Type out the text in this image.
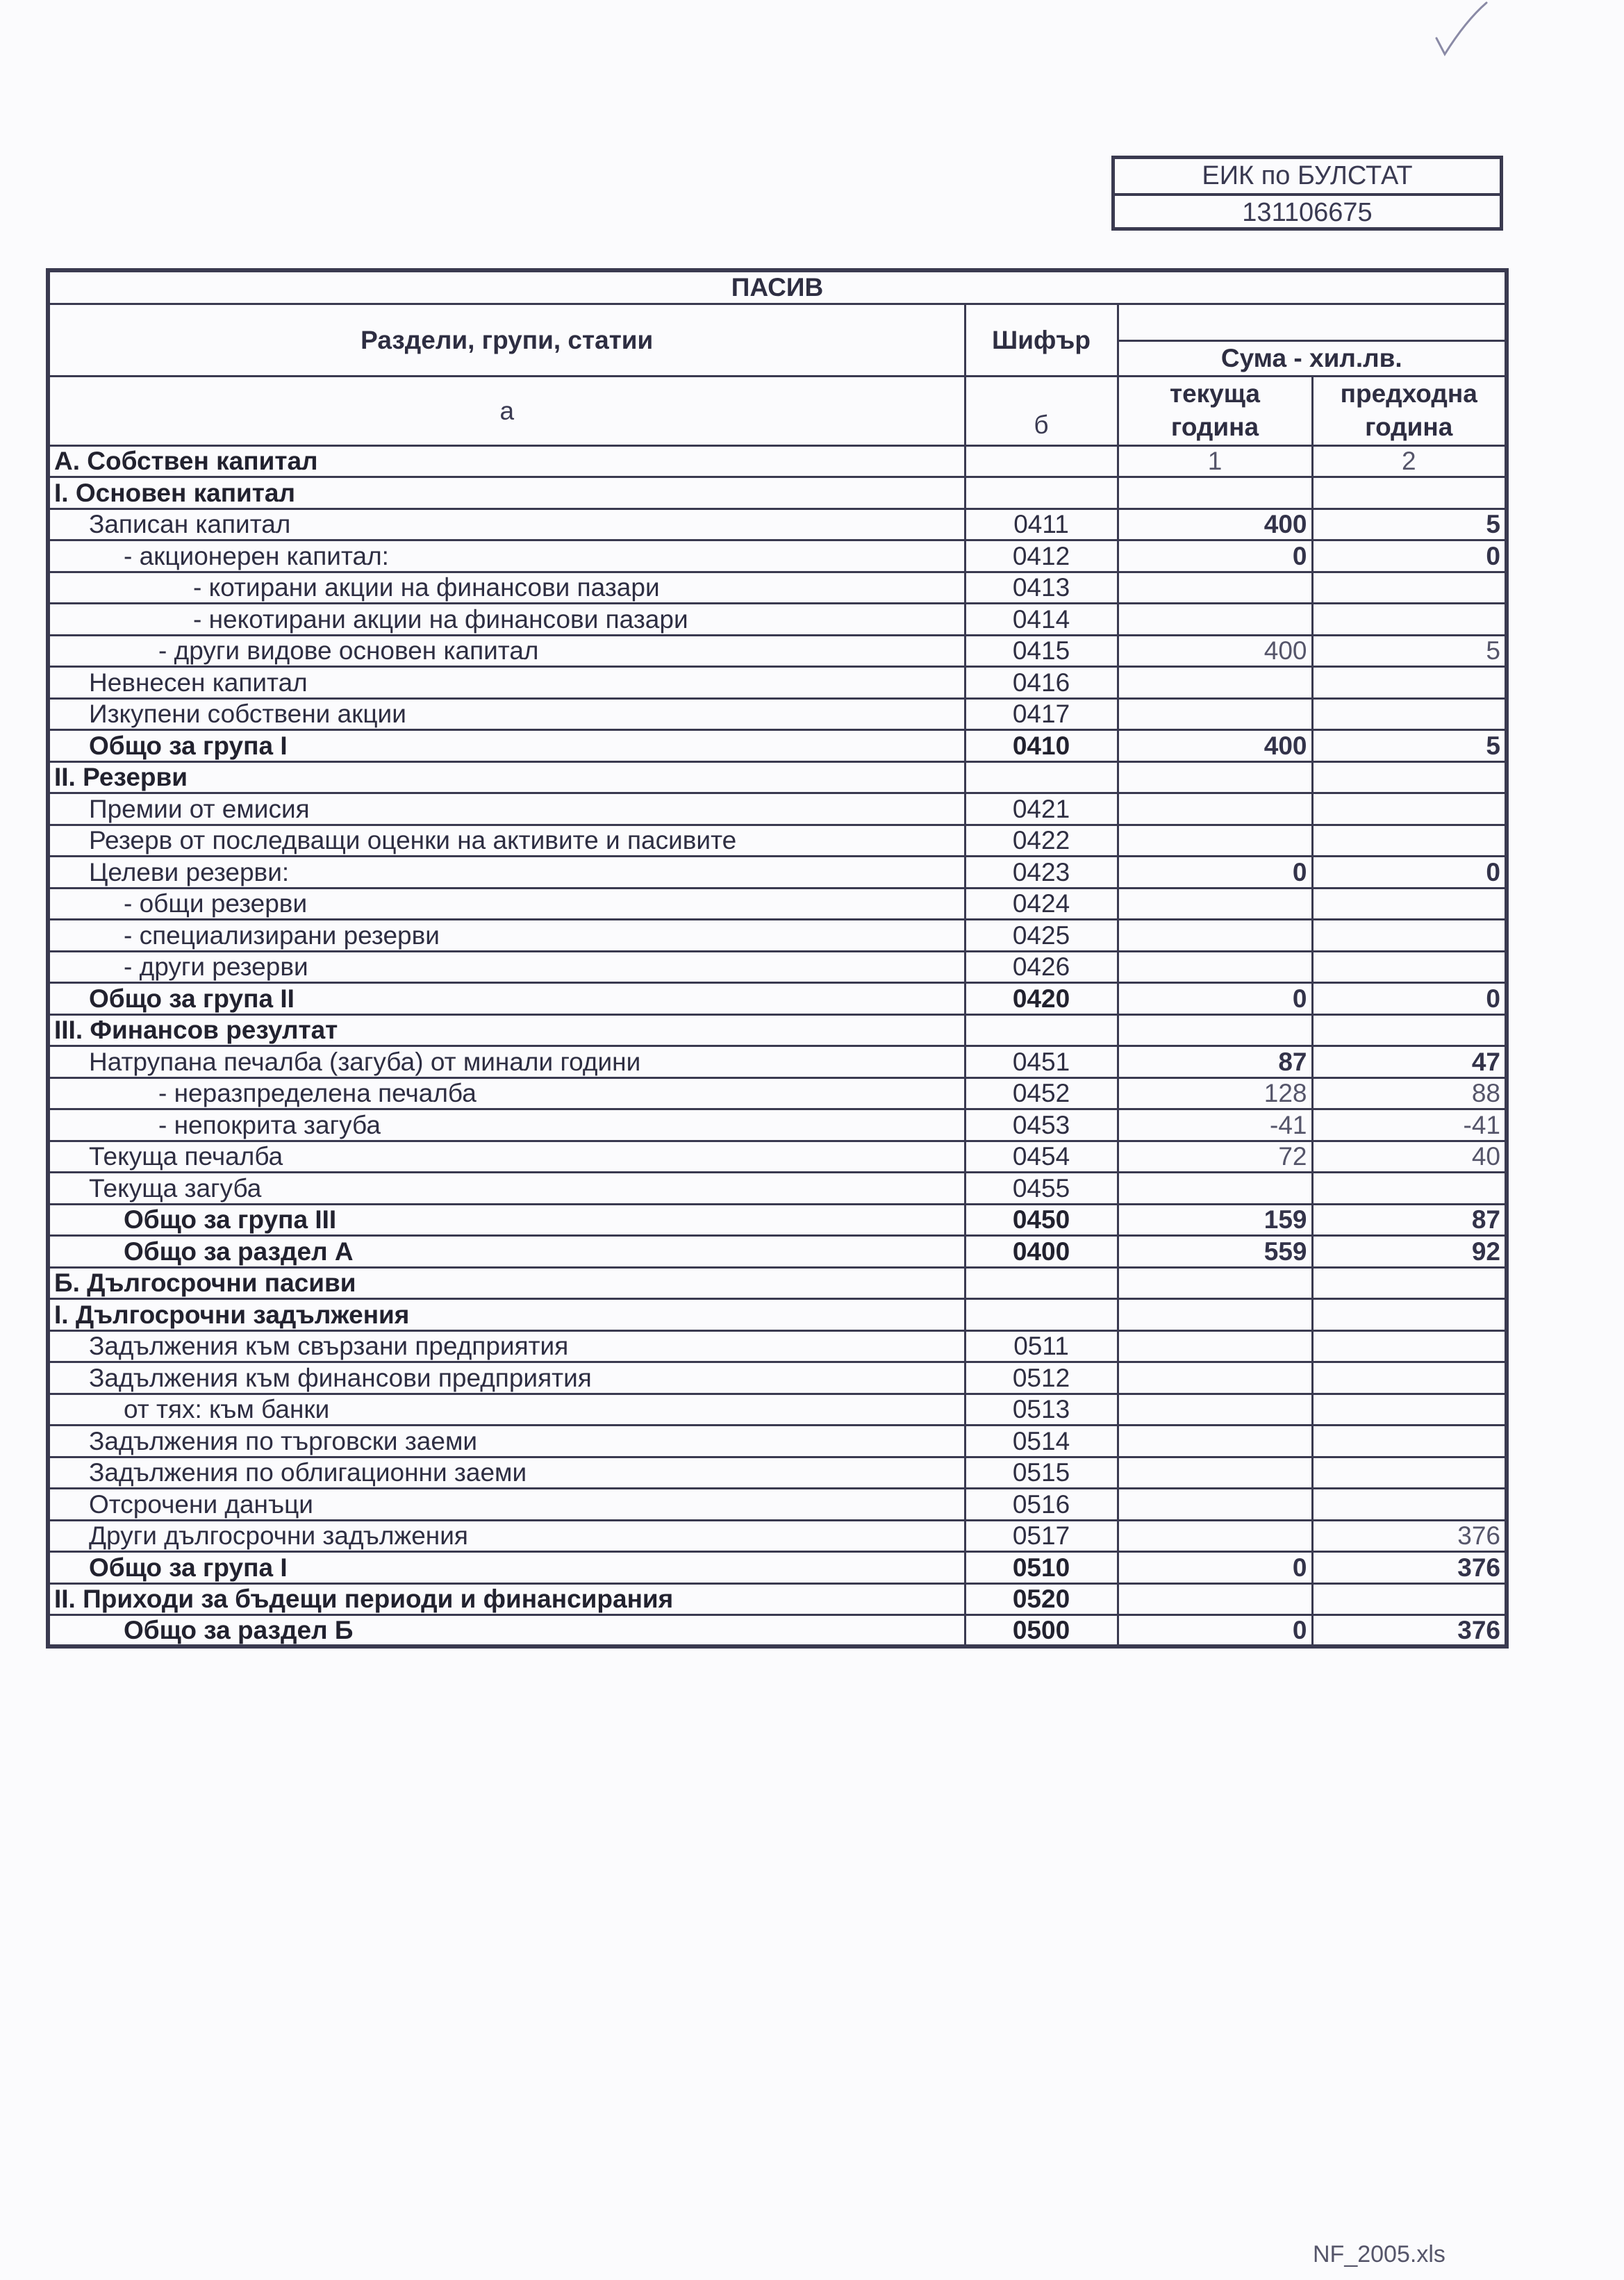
ЕИК по БУЛСТАТ
131106675
ПАСИВ			
Раздели, групи, статии	Шифър		
		Сума - хил.лв.	
а	б	текуща година	предходна година
А. Собствен капитал		1	2
I. Основен капитал			
Записан капитал	0411	400	5
- акционерен капитал:	0412	0	0
- котирани акции на финансови пазари	0413		
- некотирани акции на финансови пазари	0414		
- други видове основен капитал	0415	400	5
Невнесен капитал	0416		
Изкупени собствени акции	0417		
Общо за група I	0410	400	5
II. Резерви			
Премии от емисия	0421		
Резерв от последващи оценки на активите и пасивите	0422		
Целеви резерви:	0423	0	0
- общи резерви	0424		
- специализирани резерви	0425		
- други резерви	0426		
Общо за група II	0420	0	0
III. Финансов резултат			
Натрупана печалба (загуба) от минали години	0451	87	47
- неразпределена печалба	0452	128	88
- непокрита загуба	0453	-41	-41
Текуща печалба	0454	72	40
Текуща загуба	0455		
Общо за група III	0450	159	87
Общо за раздел А	0400	559	92
Б. Дългосрочни пасиви			
I. Дългосрочни задължения			
Задължения към свързани предприятия	0511		
Задължения към финансови предприятия	0512		
от тях: към банки	0513		
Задължения по търговски заеми	0514		
Задължения по облигационни заеми	0515		
Отсрочени данъци	0516		
Други дългосрочни задължения	0517		376
Общо за група I	0510	0	376
II. Приходи за бъдещи периоди и финансирания	0520		
Общо за раздел Б	0500	0	376
NF_2005.xls
